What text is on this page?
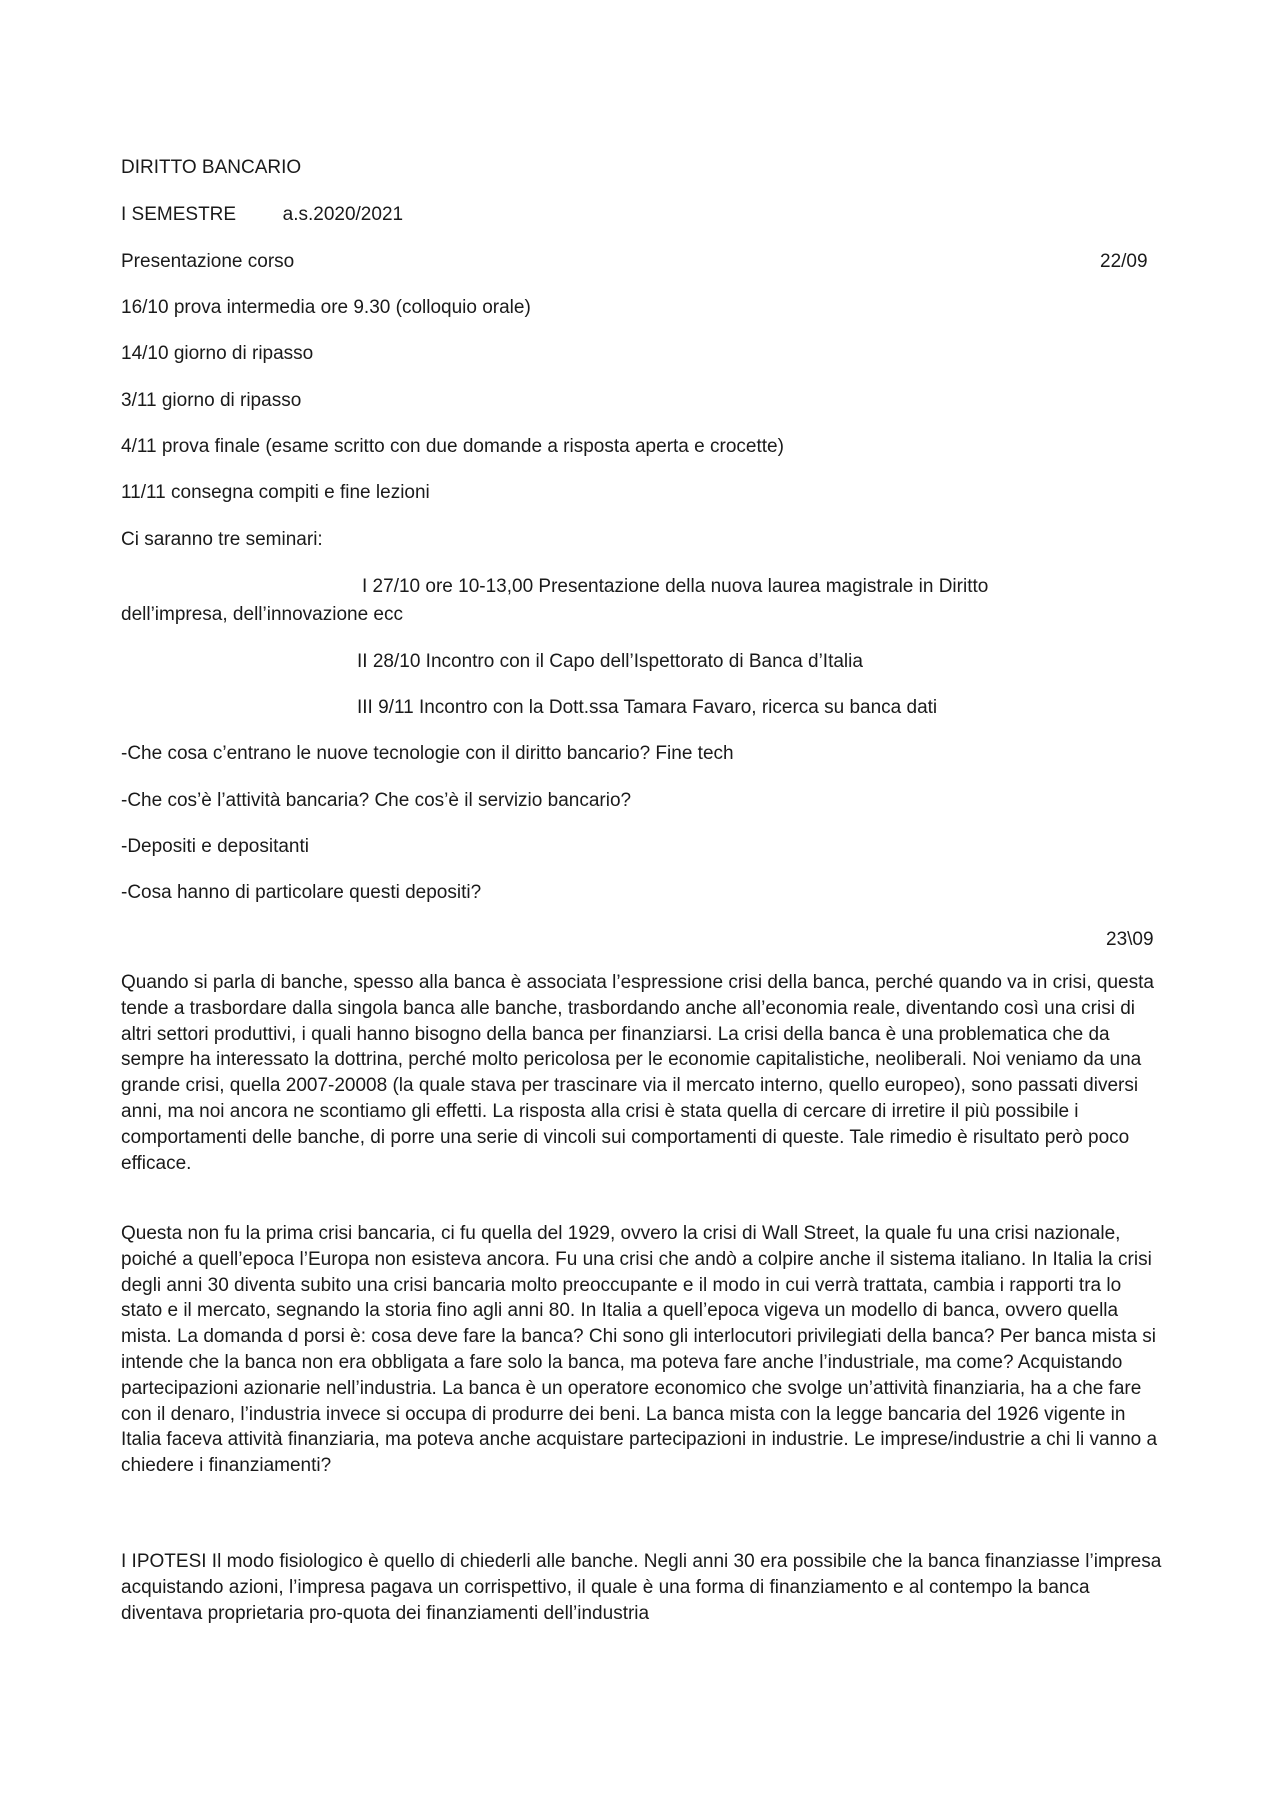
DIRITTO BANCARIO
I SEMESTRE a.s.2020/2021
Presentazione corso	22/09
16/10 prova intermedia ore 9.30 (colloquio orale)
14/10 giorno di ripasso
3/11 giorno di ripasso
4/11 prova finale (esame scritto con due domande a risposta aperta e crocette)
11/11 consegna compiti e fine lezioni
Ci saranno tre seminari:
I 27/10 ore 10-13,00 Presentazione della nuova laurea magistrale in Diritto
dell’impresa, dell’innovazione ecc
II 28/10 Incontro con il Capo dell’Ispettorato di Banca d’Italia
III 9/11 Incontro con la Dott.ssa Tamara Favaro, ricerca su banca dati
-Che cosa c’entrano le nuove tecnologie con il diritto bancario? Fine tech
-Che cos’è l’attività bancaria? Che cos’è il servizio bancario?
-Depositi e depositanti
-Cosa hanno di particolare questi depositi?
23\09
Quando si parla di banche, spesso alla banca è associata l’espressione crisi della banca, perché quando va in crisi, questa tende a trasbordare dalla singola banca alle banche, trasbordando anche all’economia reale, diventando così una crisi di altri settori produttivi, i quali hanno bisogno della banca per finanziarsi. La crisi della banca è una problematica che da sempre ha interessato la dottrina, perché molto pericolosa per le economie capitalistiche, neoliberali. Noi veniamo da una grande crisi, quella 2007-20008 (la quale stava per trascinare via il mercato interno, quello europeo), sono passati diversi anni, ma noi ancora ne scontiamo gli effetti. La risposta alla crisi è stata quella di cercare di irretire il più possibile i comportamenti delle banche, di porre una serie di vincoli sui comportamenti di queste. Tale rimedio è risultato però poco efficace.
Questa non fu la prima crisi bancaria, ci fu quella del 1929, ovvero la crisi di Wall Street, la quale fu una crisi nazionale, poiché a quell’epoca l’Europa non esisteva ancora. Fu una crisi che andò a colpire anche il sistema italiano. In Italia la crisi degli anni 30 diventa subito una crisi bancaria molto preoccupante e il modo in cui verrà trattata, cambia i rapporti tra lo stato e il mercato, segnando la storia fino agli anni 80. In Italia a quell’epoca vigeva un modello di banca, ovvero quella mista. La domanda d porsi è: cosa deve fare la banca? Chi sono gli interlocutori privilegiati della banca? Per banca mista si intende che la banca non era obbligata a fare solo la banca, ma poteva fare anche l’industriale, ma come? Acquistando partecipazioni azionarie nell’industria. La banca è un operatore economico che svolge un’attività finanziaria, ha a che fare con il denaro, l’industria invece si occupa di produrre dei beni. La banca mista con la legge bancaria del 1926 vigente in Italia faceva attività finanziaria, ma poteva anche acquistare partecipazioni in industrie. Le imprese/industrie a chi li vanno a chiedere i finanziamenti?
I IPOTESI Il modo fisiologico è quello di chiederli alle banche. Negli anni 30 era possibile che la banca finanziasse l’impresa acquistando azioni, l’impresa pagava un corrispettivo, il quale è una forma di finanziamento e al contempo la banca diventava proprietaria pro-quota dei finanziamenti dell’industria
